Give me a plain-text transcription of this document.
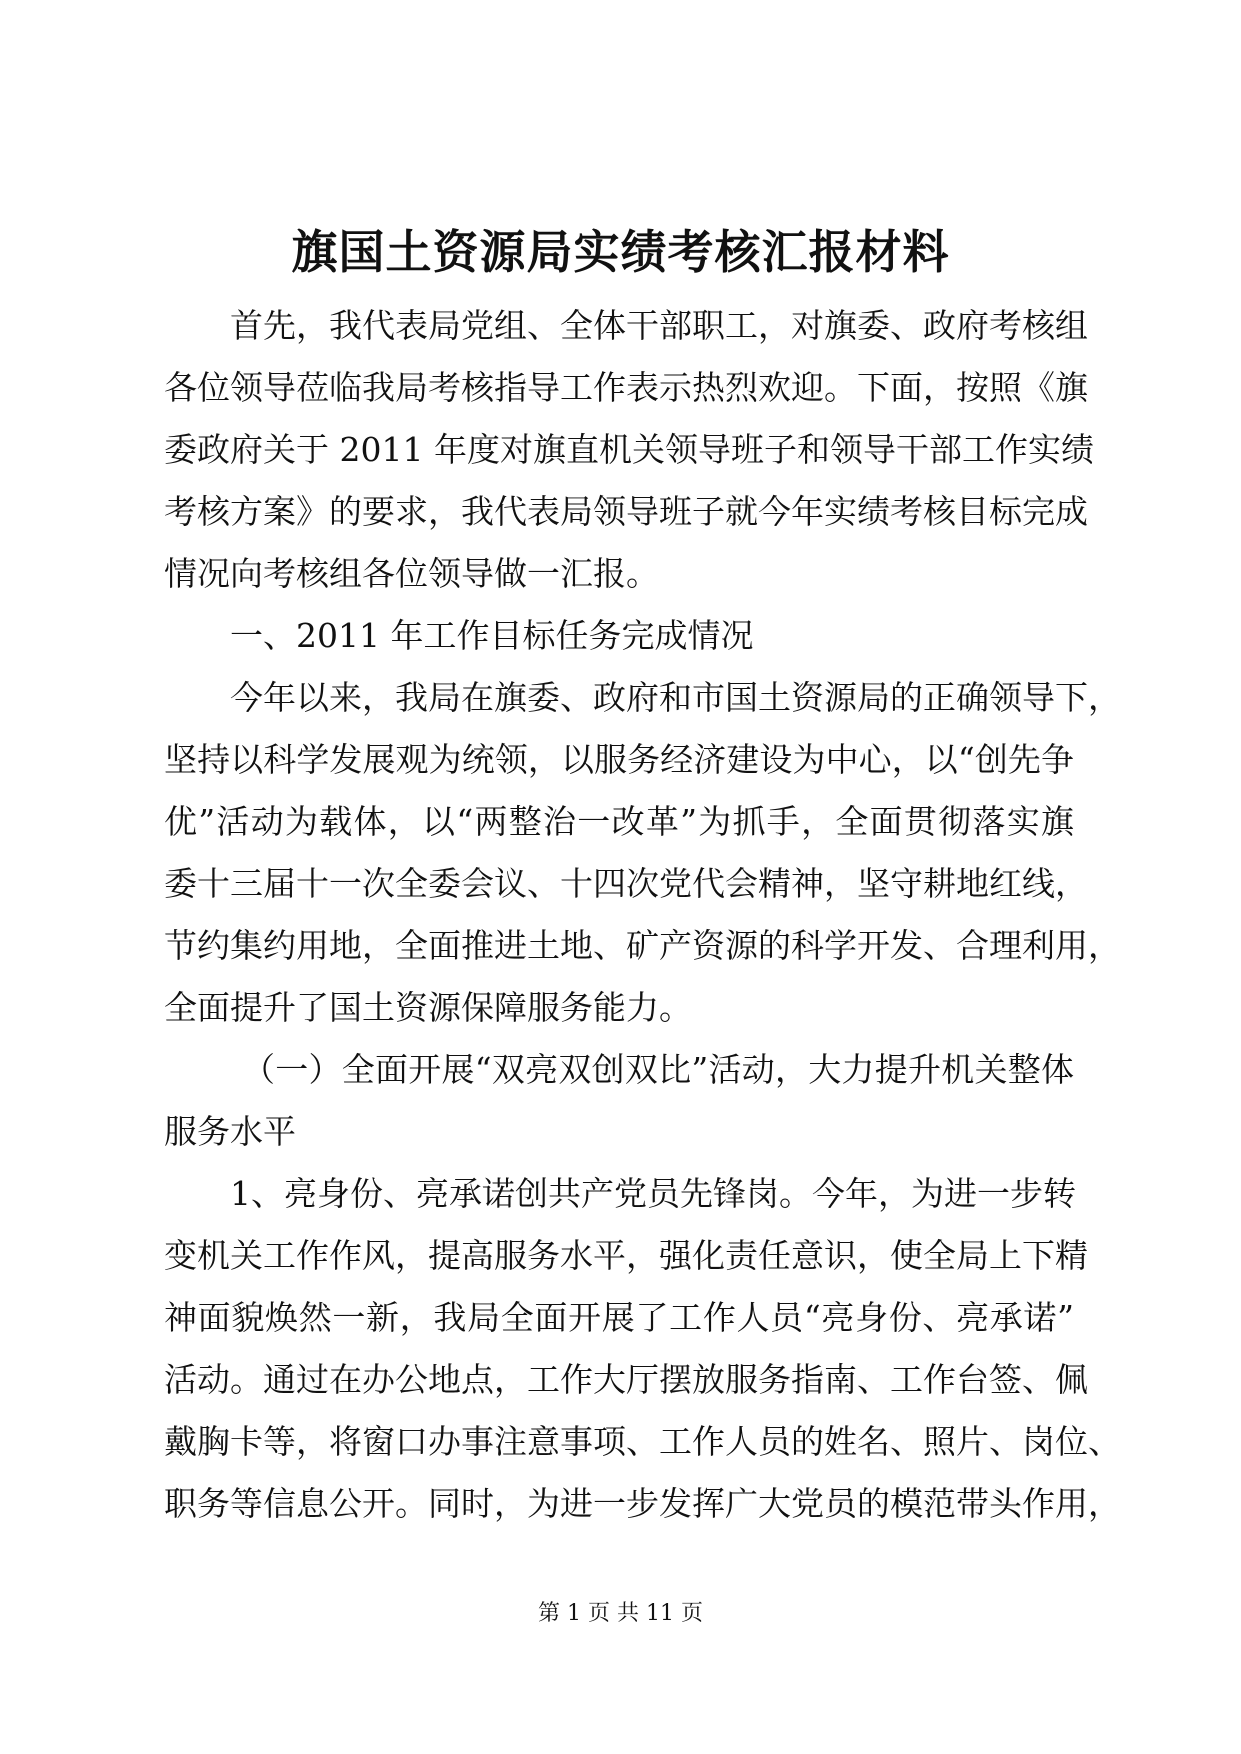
旗国土资源局实绩考核汇报材料
首先，我代表局党组、全体干部职工，对旗委、政府考核组
各位领导莅临我局考核指导工作表示热烈欢迎。下面，按照《旗
委政府关于 2011 年度对旗直机关领导班子和领导干部工作实绩
考核方案》的要求，我代表局领导班子就今年实绩考核目标完成
情况向考核组各位领导做一汇报。
一、2011 年工作目标任务完成情况
今年以来，我局在旗委、政府和市国土资源局的正确领导下，
坚持以科学发展观为统领，以服务经济建设为中心，以“创先争
优”活动为载体，以“两整治一改革”为抓手，全面贯彻落实旗
委十三届十一次全委会议、十四次党代会精神，坚守耕地红线，
节约集约用地，全面推进土地、矿产资源的科学开发、合理利用，
全面提升了国土资源保障服务能力。
（一）全面开展“双亮双创双比”活动，大力提升机关整体
服务水平
1、亮身份、亮承诺创共产党员先锋岗。今年，为进一步转
变机关工作作风，提高服务水平，强化责任意识，使全局上下精
神面貌焕然一新，我局全面开展了工作人员“亮身份、亮承诺”
活动。通过在办公地点，工作大厅摆放服务指南、工作台签、佩
戴胸卡等，将窗口办事注意事项、工作人员的姓名、照片、岗位、
职务等信息公开。同时，为进一步发挥广大党员的模范带头作用，
第 1 页 共 11 页
